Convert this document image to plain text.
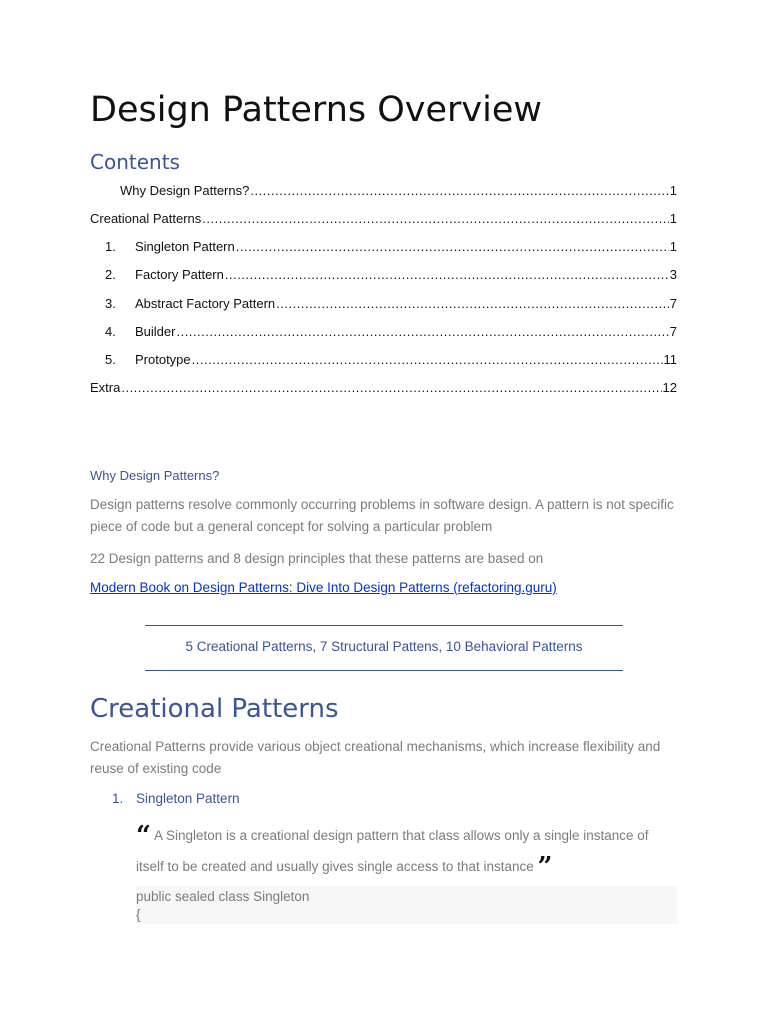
Design Patterns Overview
Contents
Why Design Patterns? .....	1
Creational Patterns .....	1
1.	Singleton Pattern .....	1
2.	Factory Pattern .....	3
3.	Abstract Factory Pattern .....	7
4.	Builder .....	7
5.	Prototype .....	11
Extra .....	12
Why Design Patterns?

Design patterns resolve commonly occurring problems in software design. A pattern is not specific piece of code but a general concept for solving a particular problem

22 Design patterns and 8 design principles that these patterns are based on

Modern Book on Design Patterns: Dive Into Design Patterns (refactoring.guru)
5 Creational Patterns, 7 Structural Pattens, 10 Behavioral Patterns
Creational Patterns

Creational Patterns provide various object creational mechanisms, which increase flexibility and reuse of existing code

1. Singleton Pattern

“ A Singleton is a creational design pattern that class allows only a single instance of itself to be created and usually gives single access to that instance ”

public sealed class Singleton
{
